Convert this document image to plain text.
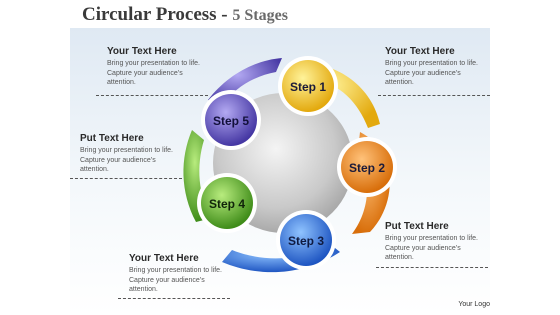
Circular Process - 5 Stages
Step 1
Step 2
Step 3
Step 4
Step 5
Your Text Here

Bring your presentation to life.

Capture your audience’s

attention.

Your Text Here

Bring your presentation to life.

Capture your audience’s

attention.

Put Text Here

Bring your presentation to life.

Capture your audience’s

attention.

Put Text Here

Bring your presentation to life.

Capture your audience’s

attention.

Your Text Here

Bring your presentation to life.

Capture your audience’s

attention.

Your Logo
